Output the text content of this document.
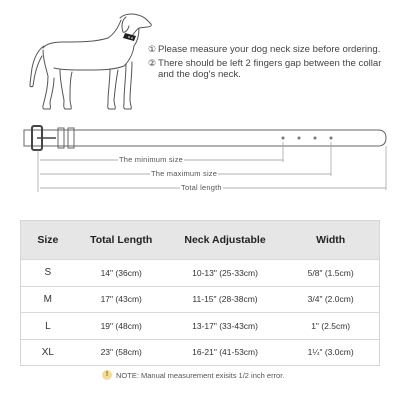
① Please measure your dog neck size before ordering.
② There should be left 2 fingers gap between the collar and the dog's neck.
The minimum size
The maximum size
Total length
Size	Total Length	Neck Adjustable	Width
S	14" (36cm)	10-13" (25-33cm)	5/8" (1.5cm)
M	17" (43cm)	11-15" (28-38cm)	3/4" (2.0cm)
L	19" (48cm)	13-17" (33-43cm)	1" (2.5cm)
XL	23" (58cm)	16-21" (41-53cm)	1¼" (3.0cm)
!	NOTE: Manual measurement exisits 1/2 inch error.
